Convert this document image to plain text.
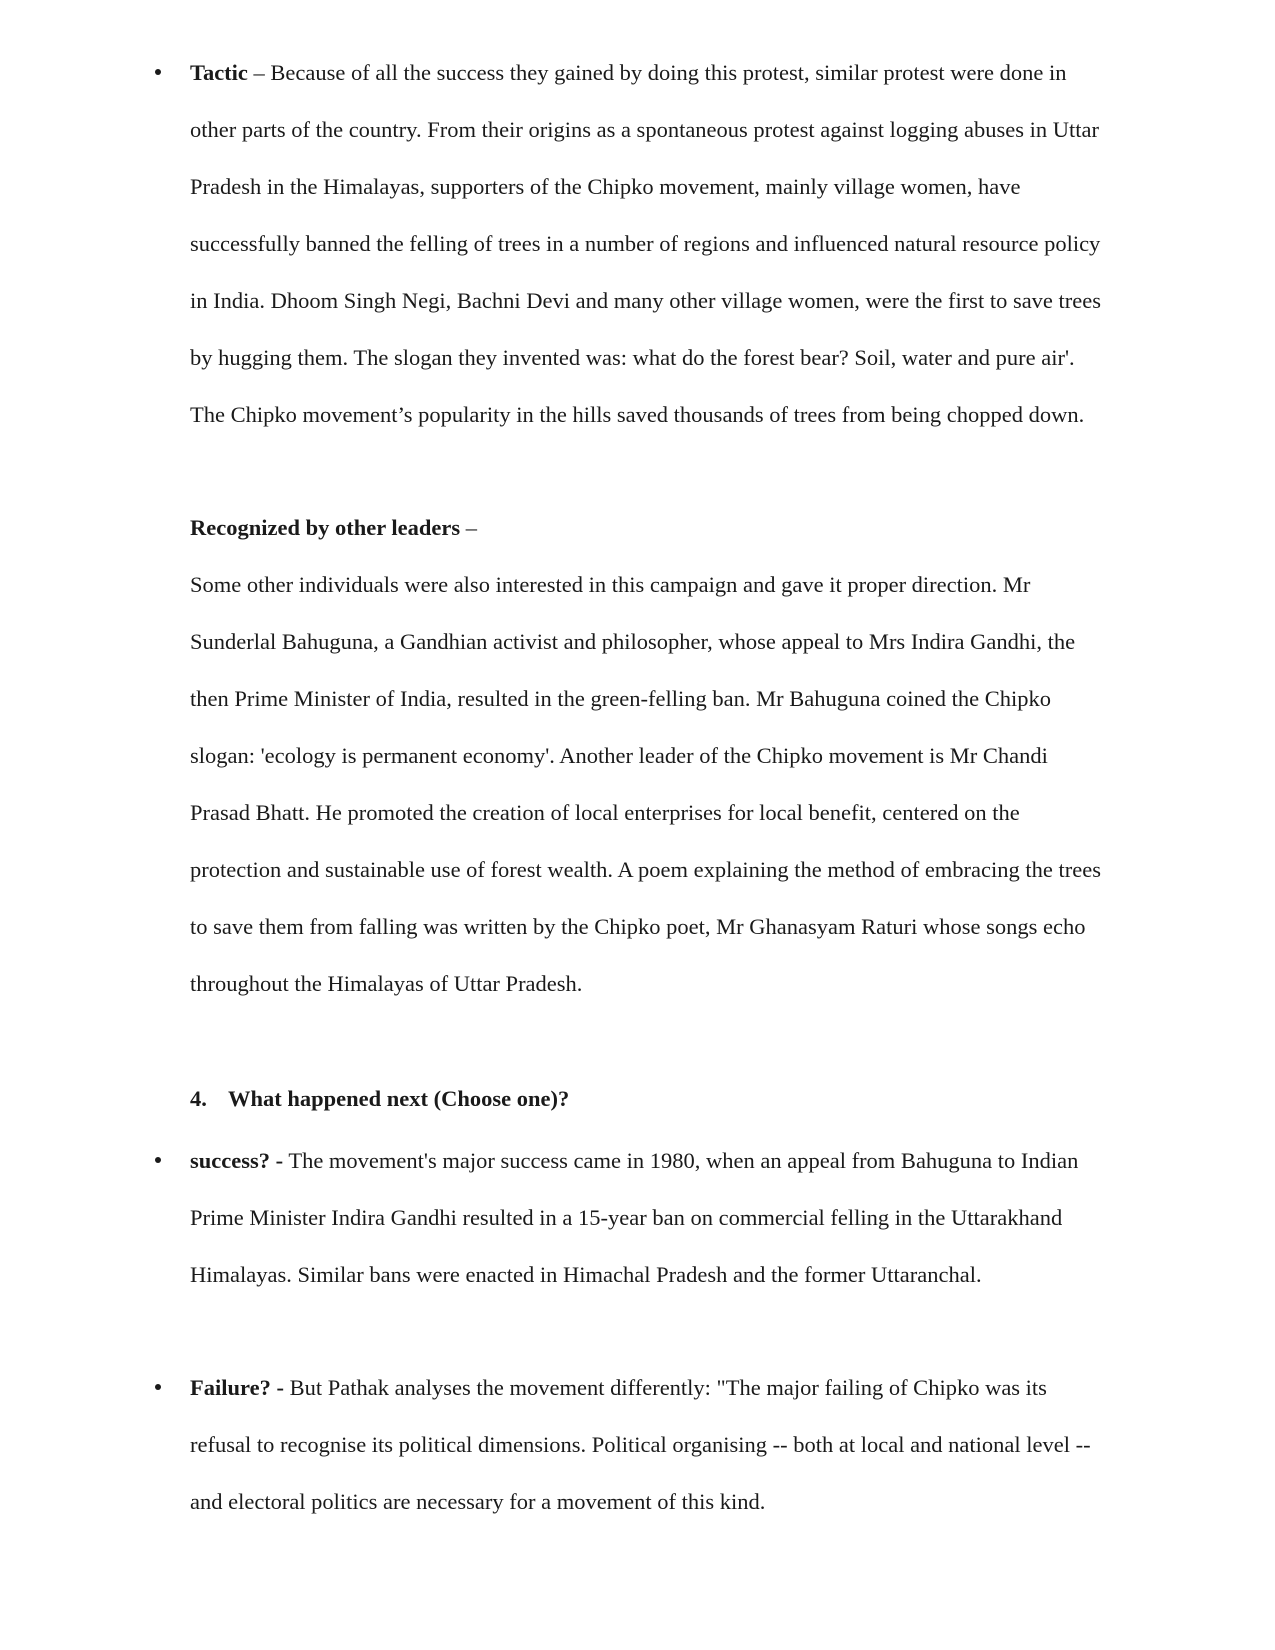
Tactic – Because of all the success they gained by doing this protest, similar protest were done in
other parts of the country. From their origins as a spontaneous protest against logging abuses in Uttar
Pradesh in the Himalayas, supporters of the Chipko movement, mainly village women, have
successfully banned the felling of trees in a number of regions and influenced natural resource policy
in India. Dhoom Singh Negi, Bachni Devi and many other village women, were the first to save trees
by hugging them. The slogan they invented was: what do the forest bear? Soil, water and pure air'.
The Chipko movement’s popularity in the hills saved thousands of trees from being chopped down.
Recognized by other leaders –
Some other individuals were also interested in this campaign and gave it proper direction. Mr
Sunderlal Bahuguna, a Gandhian activist and philosopher, whose appeal to Mrs Indira Gandhi, the
then Prime Minister of India, resulted in the green-felling ban. Mr Bahuguna coined the Chipko
slogan: 'ecology is permanent economy'. Another leader of the Chipko movement is Mr Chandi
Prasad Bhatt. He promoted the creation of local enterprises for local benefit, centered on the
protection and sustainable use of forest wealth. A poem explaining the method of embracing the trees
to save them from falling was written by the Chipko poet, Mr Ghanasyam Raturi whose songs echo
throughout the Himalayas of Uttar Pradesh.
4. What happened next (Choose one)?
success? - The movement's major success came in 1980, when an appeal from Bahuguna to Indian
Prime Minister Indira Gandhi resulted in a 15-year ban on commercial felling in the Uttarakhand
Himalayas. Similar bans were enacted in Himachal Pradesh and the former Uttaranchal.
Failure? - But Pathak analyses the movement differently: "The major failing of Chipko was its
refusal to recognise its political dimensions. Political organising -- both at local and national level --
and electoral politics are necessary for a movement of this kind.
